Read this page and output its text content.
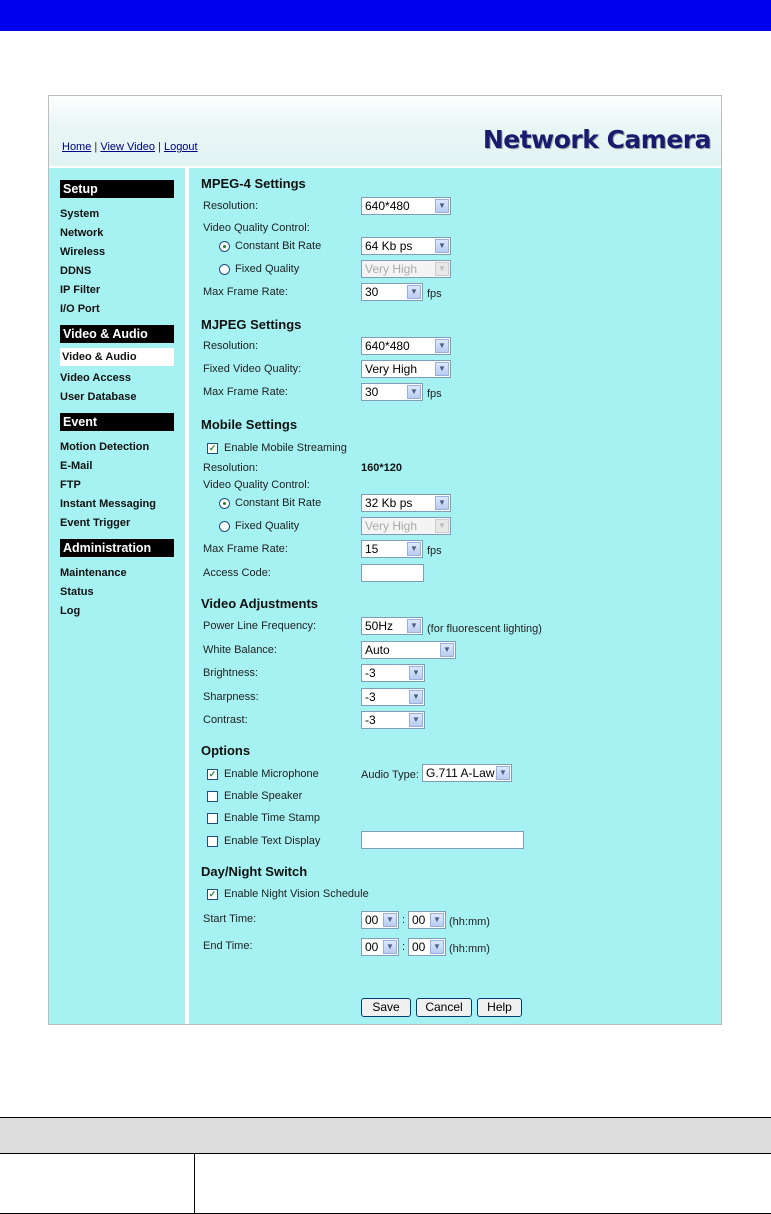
Home | View Video | Logout	Network Camera
Setup
System
Network
Wireless
DDNS
IP Filter
I/O Port
Video & Audio
Video & Audio
Video Access
User Database
Event
Motion Detection
E-Mail
FTP
Instant Messaging
Event Trigger
Administration
Maintenance
Status
Log
MPEG-4 Settings
Resolution:	640*480	▼
Video Quality Control:
Constant Bit Rate	64 Kb ps	▼
Fixed Quality	Very High	▼
Max Frame Rate:	30	▼ fps
MJPEG Settings
Resolution:	640*480	▼
Fixed Video Quality:	Very High	▼
Max Frame Rate:	30	▼ fps
Mobile Settings
✓ Enable Mobile Streaming
Resolution:	160*120
Video Quality Control:
Constant Bit Rate	32 Kb ps	▼
Fixed Quality	Very High	▼
Max Frame Rate:	15	▼ fps
Access Code:
Video Adjustments
Power Line Frequency:	50Hz	▼ (for fluorescent lighting)
White Balance:	Auto	▼
Brightness:	-3	▼
Sharpness:	-3	▼
Contrast:	-3	▼
Options
✓ Enable Microphone	Audio Type: G.711 A-Law ▼
Enable Speaker
Enable Time Stamp
Enable Text Display
Day/Night Switch
✓ Enable Night Vision Schedule
Start Time:	00 ▼ : 00 ▼ (hh:mm)
End Time:	00 ▼ : 00 ▼ (hh:mm)
Save	Cancel	Help
